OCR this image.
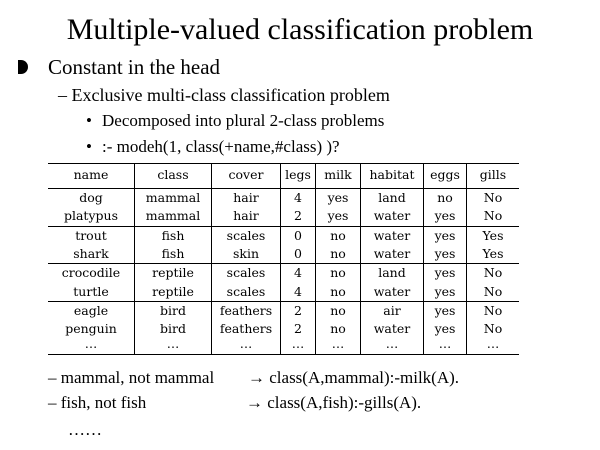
Multiple-valued classification problem
Constant in the head
– Exclusive multi-class classification problem
• Decomposed into plural 2-class problems
• :- modeh(1, class(+name,#class) )?
name	class	cover	legs	milk	habitat	eggs	gills
dog	mammal	hair	4	yes	land	no	No
platypus	mammal	hair	2	yes	water	yes	No
trout	fish	scales	0	no	water	yes	Yes
shark	fish	skin	0	no	water	yes	Yes
crocodile	reptile	scales	4	no	land	yes	No
turtle	reptile	scales	4	no	water	yes	No
eagle	bird	feathers	2	no	air	yes	No
penguin	bird	feathers	2	no	water	yes	No
…	…	…	…	…	…	…	…
– mammal, not mammal → class(A,mammal):-milk(A).
– fish, not fish	→ class(A,fish):-gills(A).
……
